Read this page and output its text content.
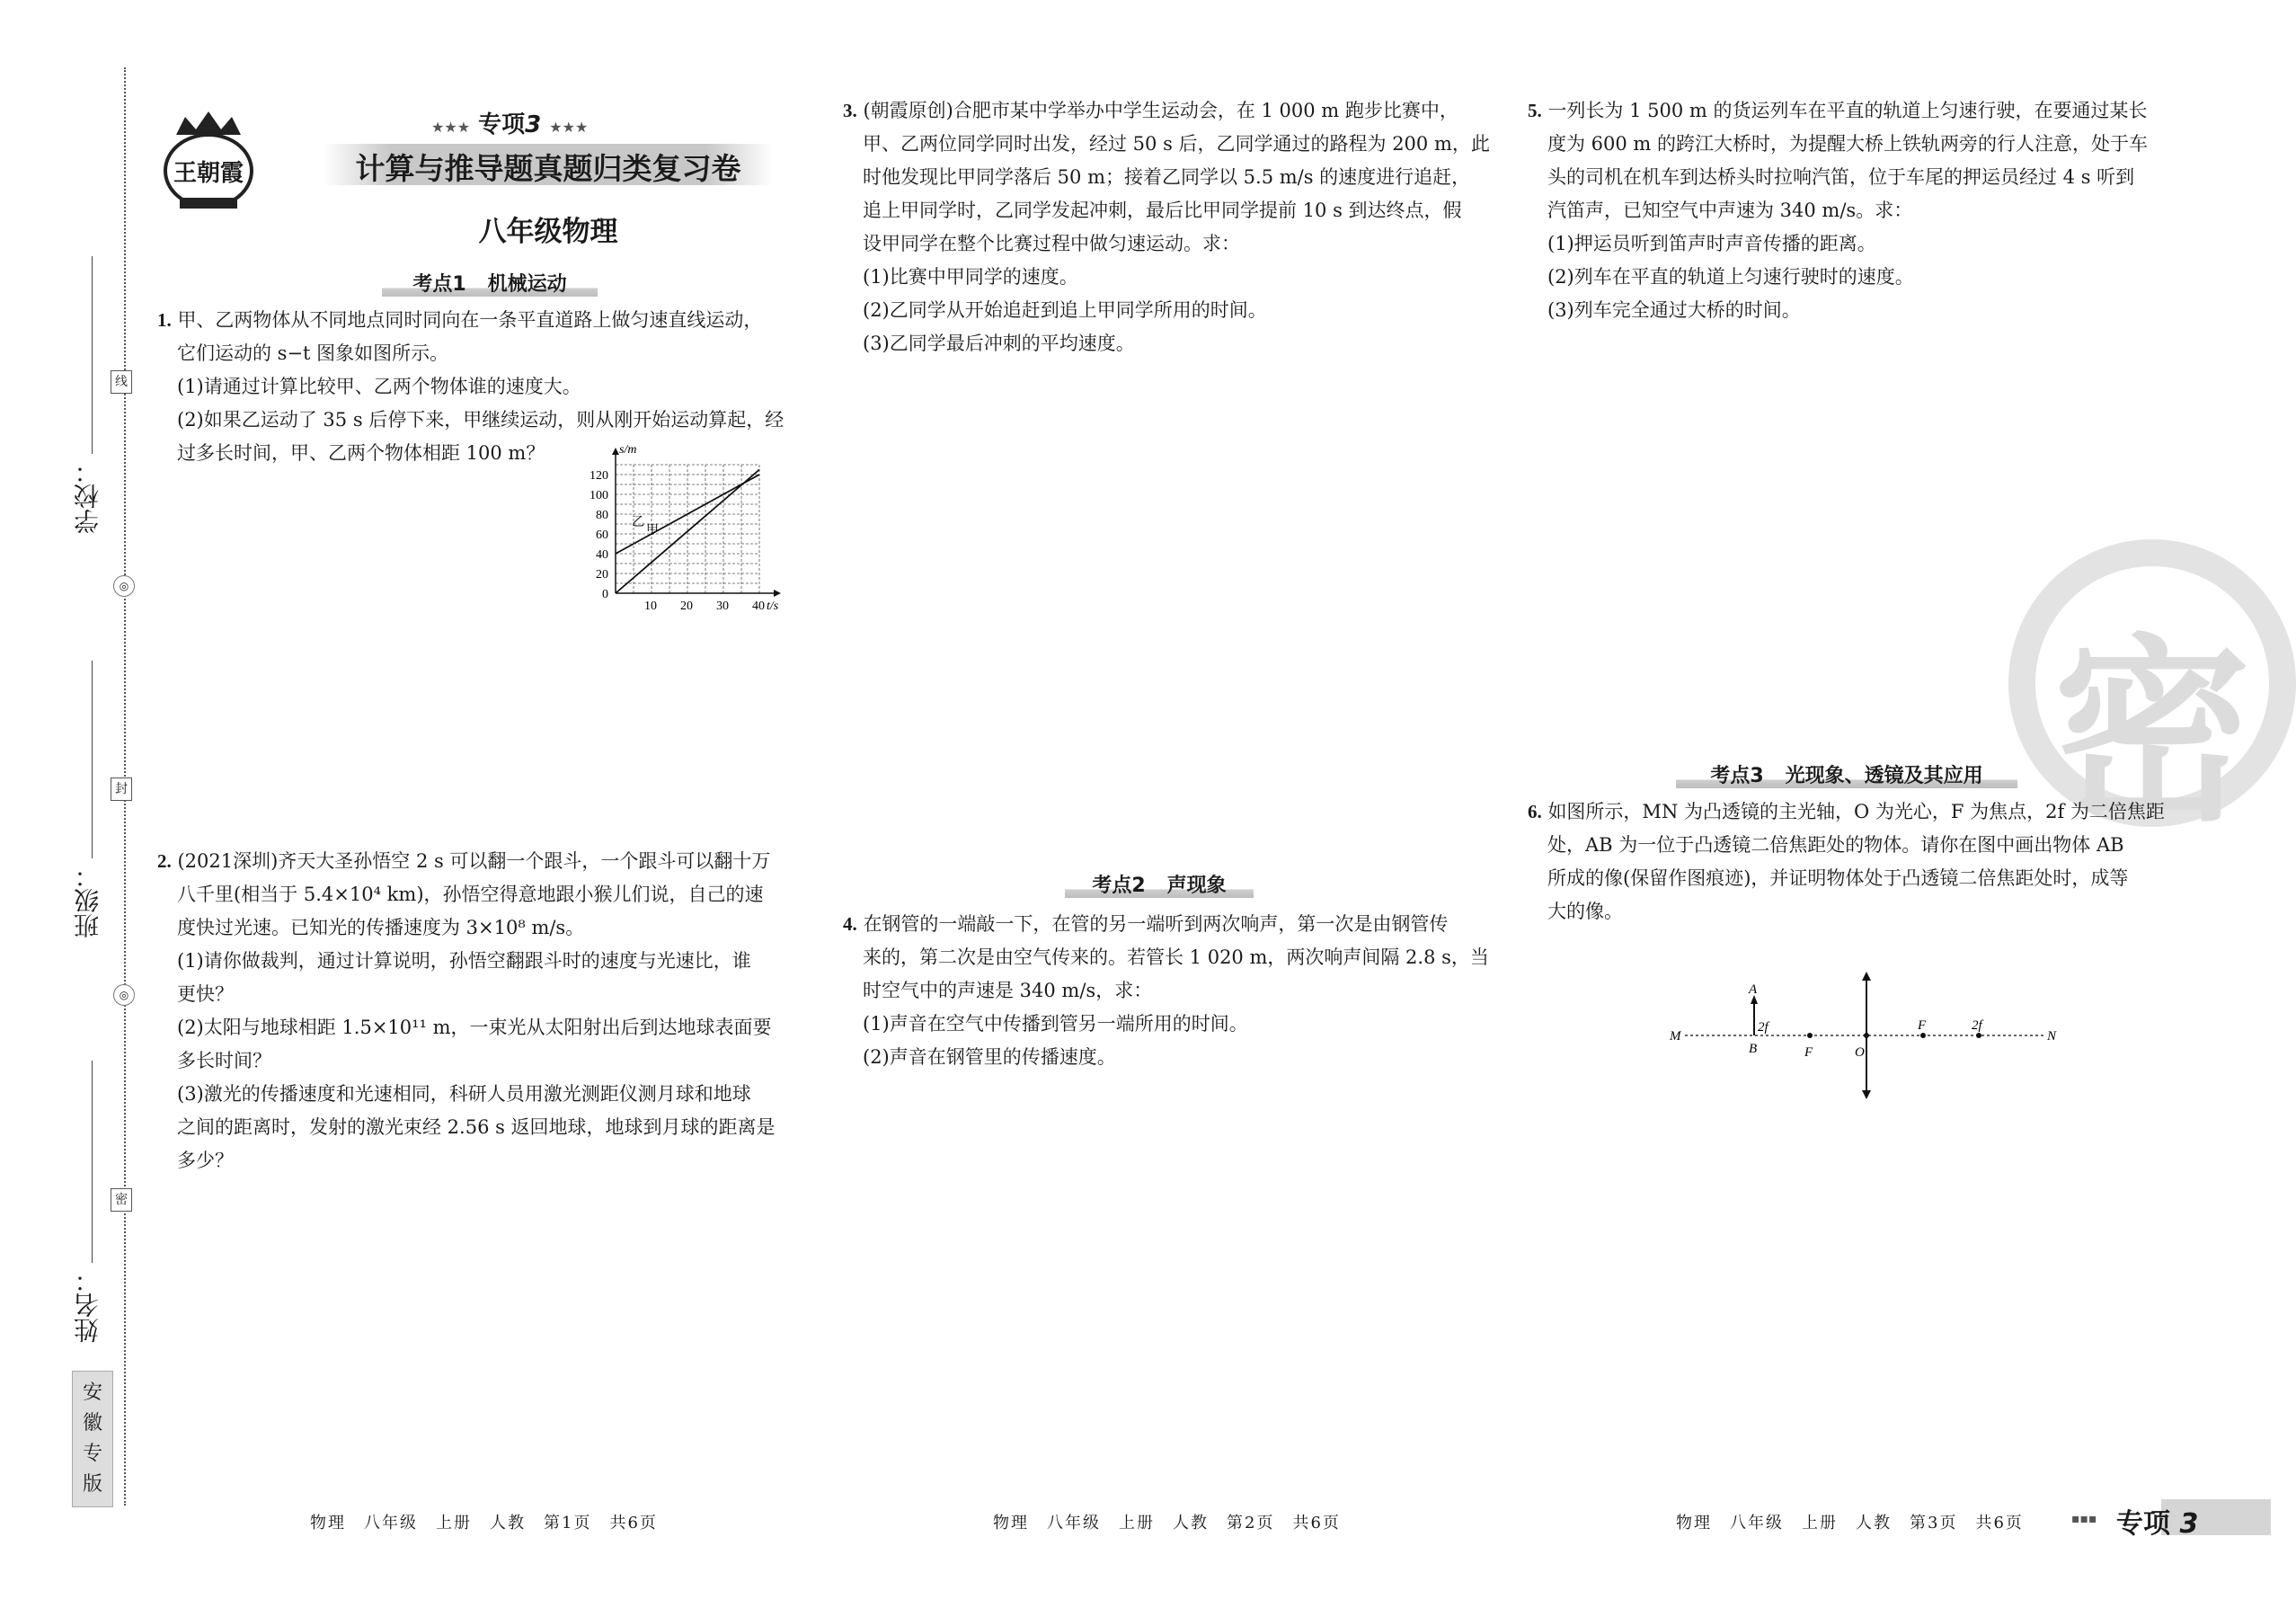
学校：
班级：
姓名：
线
封
密
◎
◎
安
徽
专
版
王朝霞
★★★ 专项3 ★★★
计算与推导题真题归类复习卷
八年级物理
考点1 机械运动

1. 甲、乙两物体从不同地点同时同向在一条平直道路上做匀速直线运动，

它们运动的 s−t 图象如图所示。

(1)请通过计算比较甲、乙两个物体谁的速度大。

(2)如果乙运动了 35 s 后停下来，甲继续运动，则从刚开始运动算起，经

过多长时间，甲、乙两个物体相距 100 m？

10 20 30 40
0
20
40
60
80
100
120
t/s
s/m
甲
乙

2. (2021深圳)齐天大圣孙悟空 2 s 可以翻一个跟斗，一个跟斗可以翻十万

八千里(相当于 5.4×10⁴ km)，孙悟空得意地跟小猴儿们说，自己的速

度快过光速。已知光的传播速度为 3×10⁸ m/s。

(1)请你做裁判，通过计算说明，孙悟空翻跟斗时的速度与光速比，谁

更快？

(2)太阳与地球相距 1.5×10¹¹ m，一束光从太阳射出后到达地球表面要

多长时间？

(3)激光的传播速度和光速相同，科研人员用激光测距仪测月球和地球

之间的距离时，发射的激光束经 2.56 s 返回地球，地球到月球的距离是

多少？

3. (朝霞原创)合肥市某中学举办中学生运动会，在 1 000 m 跑步比赛中，

甲、乙两位同学同时出发，经过 50 s 后，乙同学通过的路程为 200 m，此

时他发现比甲同学落后 50 m；接着乙同学以 5.5 m/s 的速度进行追赶，

追上甲同学时，乙同学发起冲刺，最后比甲同学提前 10 s 到达终点，假

设甲同学在整个比赛过程中做匀速运动。求：

(1)比赛中甲同学的速度。

(2)乙同学从开始追赶到追上甲同学所用的时间。

(3)乙同学最后冲刺的平均速度。

考点2 声现象

4. 在钢管的一端敲一下，在管的另一端听到两次响声，第一次是由钢管传

来的，第二次是由空气传来的。若管长 1 020 m，两次响声间隔 2.8 s，当

时空气中的声速是 340 m/s，求：

(1)声音在空气中传播到管另一端所用的时间。

(2)声音在钢管里的传播速度。

5. 一列长为 1 500 m 的货运列车在平直的轨道上匀速行驶，在要通过某长

度为 600 m 的跨江大桥时，为提醒大桥上铁轨两旁的行人注意，处于车

头的司机在机车到达桥头时拉响汽笛，位于车尾的押运员经过 4 s 听到

汽笛声，已知空气中声速为 340 m/s。求：

(1)押运员听到笛声时声音传播的距离。

(2)列车在平直的轨道上匀速行驶时的速度。

(3)列车完全通过大桥的时间。

密
考点3 光现象、透镜及其应用

6. 如图所示，MN 为凸透镜的主光轴，O 为光心，F 为焦点，2f 为二倍焦距

处，AB 为一位于凸透镜二倍焦距处的物体。请你在图中画出物体 AB

所成的像(保留作图痕迹)，并证明物体处于凸透镜二倍焦距处时，成等

大的像。

M	N
A
B
2f
F	O
F	2f
物理　八年级　上册　人教　第1页　共6页	物理　八年级　上册　人教　第2页　共6页	物理　八年级　上册　人教　第3页　共6页	▪▪▪ 专项 3
